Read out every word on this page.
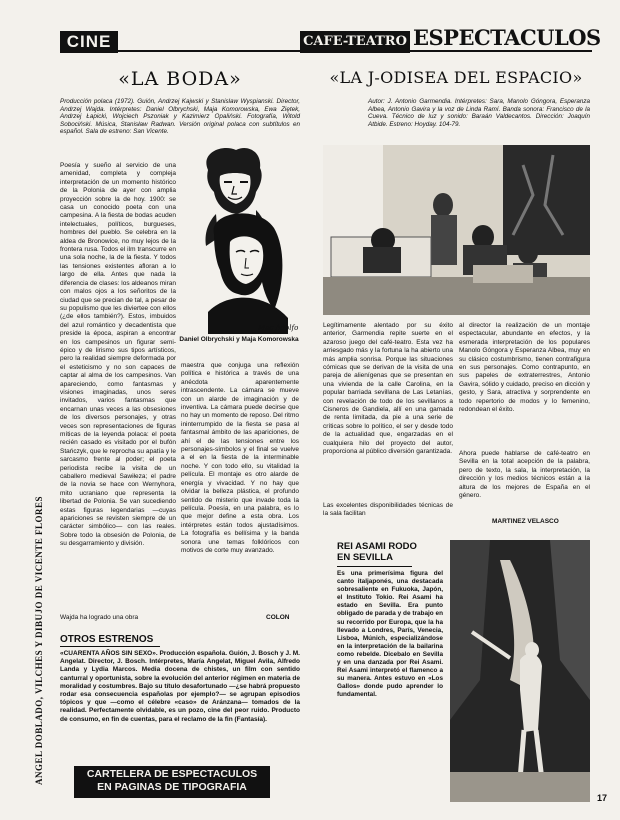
CINE	CAFE-TEATRO ESPECTACULOS
ANGEL DOBLADO, VILCHES Y DIBUJO DE VICENTE FLORES
«LA BODA»
Producción polaca (1972). Guión, Andrzej Kajwski y Stanislaw Wyspianski. Director, Andrzej Wajda. Intérpretes: Daniel Olbrychski, Maja Komorowska, Ewa Ziętek, Andrzej Łapicki, Wojciech Pszoniak y Kazimierz Opaliński. Fotografía, Witold Sobociński. Música, Stanisław Radwan. Versión original polaca con subtítulos en español. Sala de estreno: San Vicente.
Poesía y sueño al servicio de una amenidad, completa y compleja interpretación de un momento histórico de la Polonia de ayer con amplia proyección sobre la de hoy. 1900: se casa un conocido poeta con una campesina. A la fiesta de bodas acuden intelectuales, políticos, burgueses, hombres del pueblo. Se celebra en la aldea de Bronowice, no muy lejos de la frontera rusa. Todos el ilm transcurre en una sola noche, la de la fiesta. Y todos las tensiones existentes afloran a lo largo de ella. Antes que nada la diferencia de clases: los aldeanos miran con malos ojos a los señoritos de la ciudad que se precian de tal, a pesar de su populismo que les diviertee con ellos (¿de ellos también?). Estos, imbuidos del azul romántico y decadentista que preside la época, aspiran a encontrar en los campesinos un figurar semi-épico y de lirismo sus tipos artísticos, pero la realidad siempre deformada por el esteticismo y no son capaces de captar al alma de los campesinos. Van apareciendo, como fantasmas y visiones imaginadas, unos seres invitados, varios fantasmas que encarnan unas veces a las obsesiones de los diversos personajes, y otras veces son representaciones de figuras míticas de la leyenda polaca: el poeta recién casado es visitado por el bufón Stańczyk, que le reprocha su apatía y le sarcasmo frente al poder; el poeta periodista recibe la visita de un caballero medieval Sawiłeza; el padre de la novia se hace con Wernyhora, mito ucraniano que representa la libertad de Polonia. Se van sucediendo estas figuras legendarias —cuyas apariciones se revisten siempre de un carácter simbólico— con las reales. Sobre todo la obsesión de Polonia, de su desgarramiento y división.
Wajda ha logrado una obra
Mac Adolfo
Daniel Olbrychski y Maja Komorowska
maestra que conjuga una reflexión política e histórica a través de una anécdota aparentemente intrascendente. La cámara se mueve con un alarde de imaginación y de inventiva. La cámara puede decirse que no hay un momento de reposo. Del ritmo ininterrumpido de la fiesta se pasa al fantasmal ámbito de las apariciones, de ahí el de las tensiones entre los personajes-símbolos y el final se vuelve a el en la fiesta de la interminable noche. Y con todo ello, su vitalidad la película. El montaje es otro alarde de energía y vivacidad. Y no hay que olvidar la belleza plástica, el profundo sentido de misterio que invade toda la película. Poesía, en una palabra, es lo que mejor define a esta obra. Los intérpretes están todos ajustadísimos. La fotografía es bellísima y la banda sonora une temas folklóricos con motivos de corte muy avanzado.
COLON
OTROS ESTRENOS
«CUARENTA AÑOS SIN SEXO». Producción española. Guión, J. Bosch y J. M. Angelat. Director, J. Bosch. Intérpretes, María Angelat, Miguel Avila, Alfredo Landa y Lydia Marcos. Media docena de chistes, un film con sentido canturral y oportunista, sobre la evolución del anterior régimen en materia de moralidad y costumbres. Bajo su título desafortunado —¿se habrá propuesto rodar esa consecuencia españolas por ejemplo?— se agrupan episodios tópicos y que —como el célebre «caso» de Aránzana— tomados de la realidad. Perfectamente olvidable, es un pozo, cine del peor ruido. Producto de consumo, en fin de cuentas, para el reclamo de la fin (Fantasía).
CARTELERA DE ESPECTACULOS
EN PAGINAS DE TIPOGRAFIA
«LA J-ODISEA DEL ESPACIO»
Autor: J. Antonio Garmendia. Intérpretes: Sara, Manolo Góngora, Esperanza Albea, Antonio Gavira y la voz de Linda Ramí. Banda sonora: Francisco de la Cueva. Técnico de luz y sonido: Baraán Valdecantos. Dirección: Joaquín Atbide. Estreno: Hoyday. 104-79.
Legítimamente alentado por su éxito anterior, Garmendia repite suerte en el azaroso juego del café-teatro. Esta vez ha arriesgado más y la fortuna la ha abierto una más amplia sonrisa. Porque las situaciones cómicas que se derivan de la visita de una pareja de alienígenas que se presentan en una vivienda de la calle Carolina, en la popular barriada sevillana de Las Letanías, con revelación de todo de los sevillanos a Cisneros de Gandiela, allí en una gamada de renta limitada, da pie a una serie de críticas sobre lo político, el ser y desde todo de la actualidad que, engarzadas en el cualquiera hilo del proyecto del autor, proporciona al público diversión garantizada.
Las excelentes disponibilidades técnicas de la sala facilitan
al director la realización de un montaje espectacular, abundante en efectos, y la esmerada interpretación de los populares Manolo Góngora y Esperanza Albea, muy en su clásico costumbrismo, tienen contrafigura en sus personajes. Como contrapunto, en sus papeles de extraterrestres, Antonio Gavira, sólido y cuidado, preciso en dicción y gesto, y Sara, atractiva y sorprendente en todo repertorio de modos y lo femenino, redondean el éxito.
Ahora puede hablarse de café-teatro en Sevilla en la total acepción de la palabra, pero de texto, la sala, la interpretación, la dirección y los medios técnicos están a la altura de los mejores de España en el género.
MARTINEZ VELASCO
REI ASAMI RODO
EN SEVILLA
Es una primerísima figura del canto italjaponés, una destacada sobresaliente en Fukuoka, Japón, el Instituto Tokio. Rei Asami ha estado en Sevilla. Era punto obligado de parada y de trabajo en su recorrido por Europa, que la ha llevado a Londres, París, Venecia, Lisboa, Múnich, especializándose en la interpretación de la bailarina como rebelde. Dicebalo en Sevilla y en una danzada por Rei Asami. Rei Asami interpretó el flamenco a su manera. Antes estuvo en «Los Gallos» donde pudo aprender lo fundamental.
17
